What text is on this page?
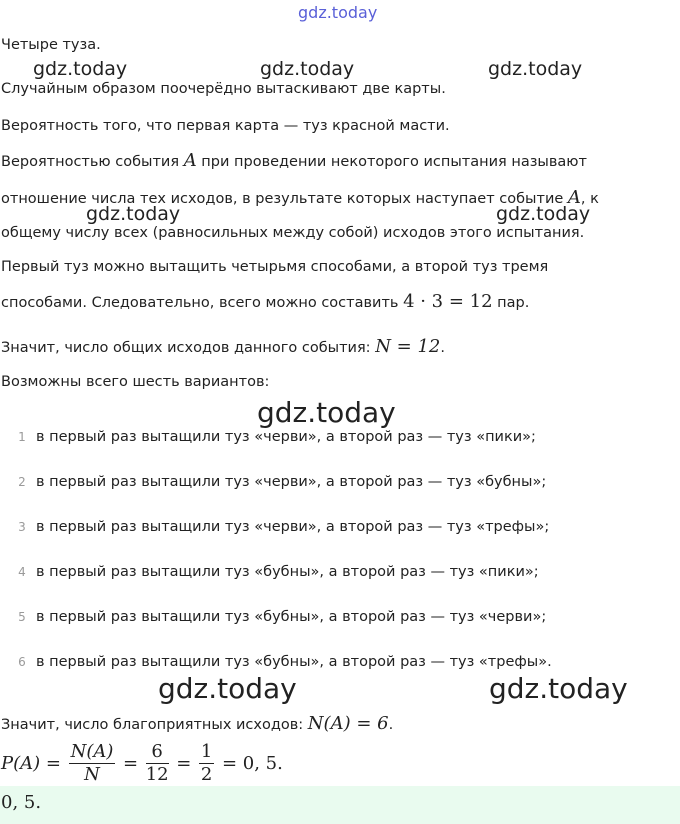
gdz.today
gdz.today	gdz.today	gdz.today
gdz.today	gdz.today
gdz.today
gdz.today	gdz.today
Четыре туза.
Случайным образом поочерёдно вытаскивают две карты.
Вероятность того, что первая карта — туз красной масти.
Вероятностью события A при проведении некоторого испытания называют
отношение числа тех исходов, в результате которых наступает событие A, к
общему числу всех (равносильных между собой) исходов этого испытания.
Первый туз можно вытащить четырьмя способами, а второй туз тремя
способами. Следовательно, всего можно составить 4 · 3 = 12 пар.
Значит, число общих исходов данного события: N = 12.
Возможны всего шесть вариантов:
1 в первый раз вытащили туз «черви», а второй раз — туз «пики»;
2 в первый раз вытащили туз «черви», а второй раз — туз «бубны»;
3 в первый раз вытащили туз «черви», а второй раз — туз «трефы»;
4 в первый раз вытащили туз «бубны», а второй раз — туз «пики»;
5 в первый раз вытащили туз «бубны», а второй раз — туз «черви»;
6 в первый раз вытащили туз «бубны», а второй раз — туз «трефы».
Значит, число благоприятных исходов: N(A) = 6.
$P(A) = \frac{N(A)}{N} = \frac{6}{12} = \frac{1}{2} = 0$, 5.
0, 5.
